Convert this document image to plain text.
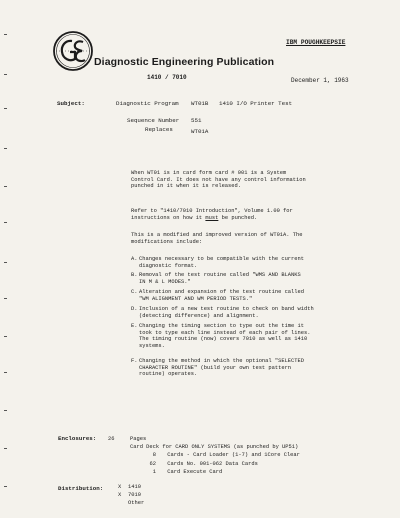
Diagnostic Engineering Publication
IBM POUGHKEEPSIE
1410 / 7010	December 1, 1963
Subject:	Diagnostic Program WT01B 1410 I/O Printer Test
Sequence Number 551
Replaces	WT01A
When WT01 is in card form card # 001 is a System
Control Card. It does not have any control information
punched in it when it is released.
Refer to "1410/7010 Introduction", Volume 1.00 for
instructions on how it must be punched.
This is a modified and improved version of WT01A. The
modifications include:
A. Changes necessary to be compatible with the current
diagnostic format.
B. Removal of the test routine called "WMS AND BLANKS
IN M & L MODES."
C. Alteration and expansion of the test routine called
"WM ALIGNMENT AND WM PERIOD TESTS."
D. Inclusion of a new test routine to check on band width
(detecting difference) and alignment.
E. Changing the timing section to type out the time it
took to type each line instead of each pair of lines.
The timing routine (now) covers 7010 as well as 1410
systems.
F. Changing the method in which the optional "SELECTED
CHARACTER ROUTINE" (build your own test pattern
routine) operates.
Enclosures: 26	Pages
Card Deck for CARD ONLY SYSTEMS (as punched by UP51)
8 Cards - Card Loader (1-7) and 1Core Clear
62 Cards No. 001-062 Data Cards
1 Card Execute Card
Distribution:	X 1410
X 7010
Other
